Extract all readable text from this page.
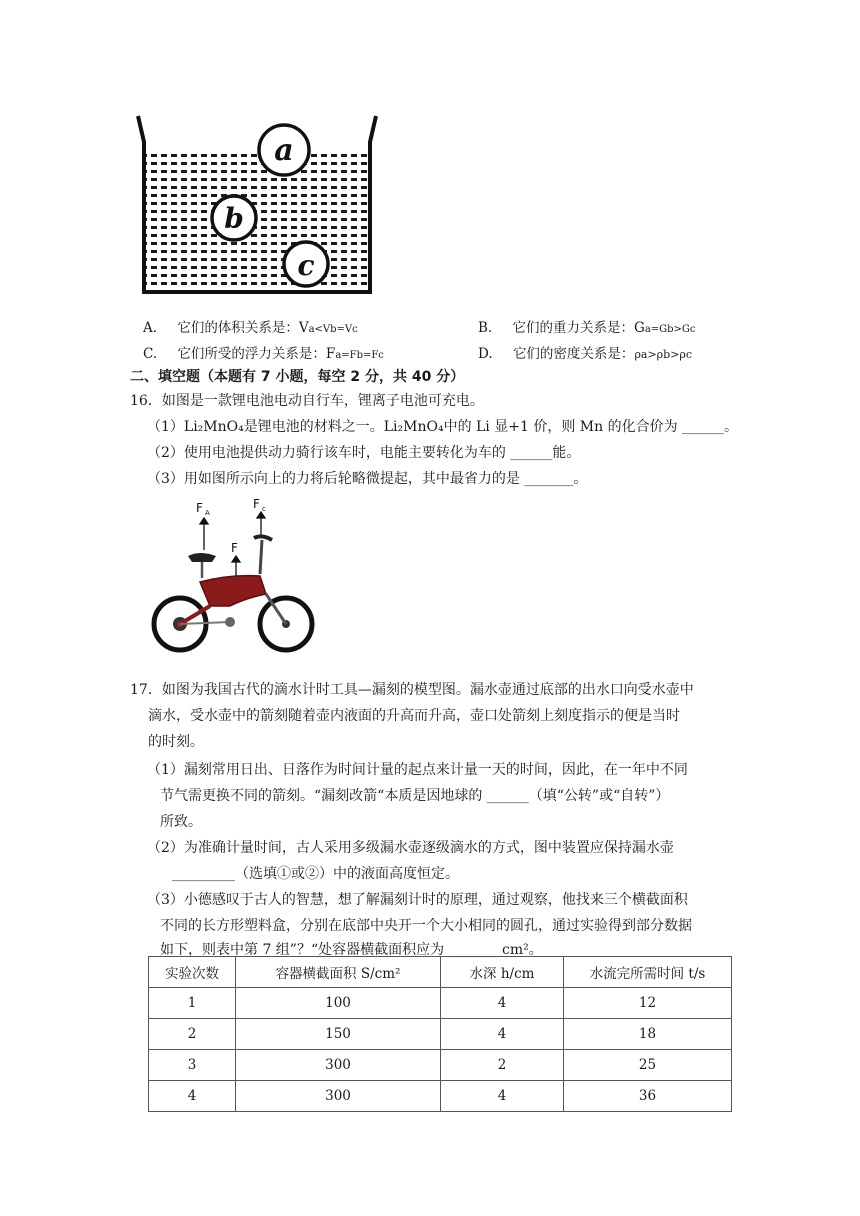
a
b
c
A. 它们的体积关系是：Va<Vb=Vc	B. 它们的重力关系是：Ga=Gb>Gc
C. 它们所受的浮力关系是：Fa=Fb=Fc	D. 它们的密度关系是：ρa>ρb>ρc
二、填空题（本题有 7 小题，每空 2 分，共 40 分）
16．如图是一款锂电池电动自行车，锂离子电池可充电。
（1）Li₂MnO₄是锂电池的材料之一。Li₂MnO₄中的 Li 显+1 价，则 Mn 的化合价为 ______。
（2）使用电池提供动力骑行该车时，电能主要转化为车的 ______能。
（3）用如图所示向上的力将后轮略微提起，其中最省力的是 _______。
F A
F c
F
17．如图为我国古代的滴水计时工具—漏刻的模型图。漏水壶通过底部的出水口向受水壶中
滴水，受水壶中的箭刻随着壶内液面的升高而升高，壶口处箭刻上刻度指示的便是当时
的时刻。
（1）漏刻常用日出、日落作为时间计量的起点来计量一天的时间，因此，在一年中不同
节气需更换不同的箭刻。“漏刻改箭“本质是因地球的 ______（填“公转”或“自转”）
所致。
（2）为准确计量时间，古人采用多级漏水壶逐级滴水的方式，图中装置应保持漏水壶
_________（选填①或②）中的液面高度恒定。
（3）小德感叹于古人的智慧，想了解漏刻计时的原理，通过观察，他找来三个横截面积
不同的长方形塑料盒，分别在底部中央开一个大小相同的圆孔，通过实验得到部分数据
如下，则表中第 7 组”？“处容器横截面积应为 _______ cm²。
实验次数	容器横截面积 S/cm²	水深 h/cm	水流完所需时间 t/s
1	100	4	12
2	150	4	18
3	300	2	25
4	300	4	36
